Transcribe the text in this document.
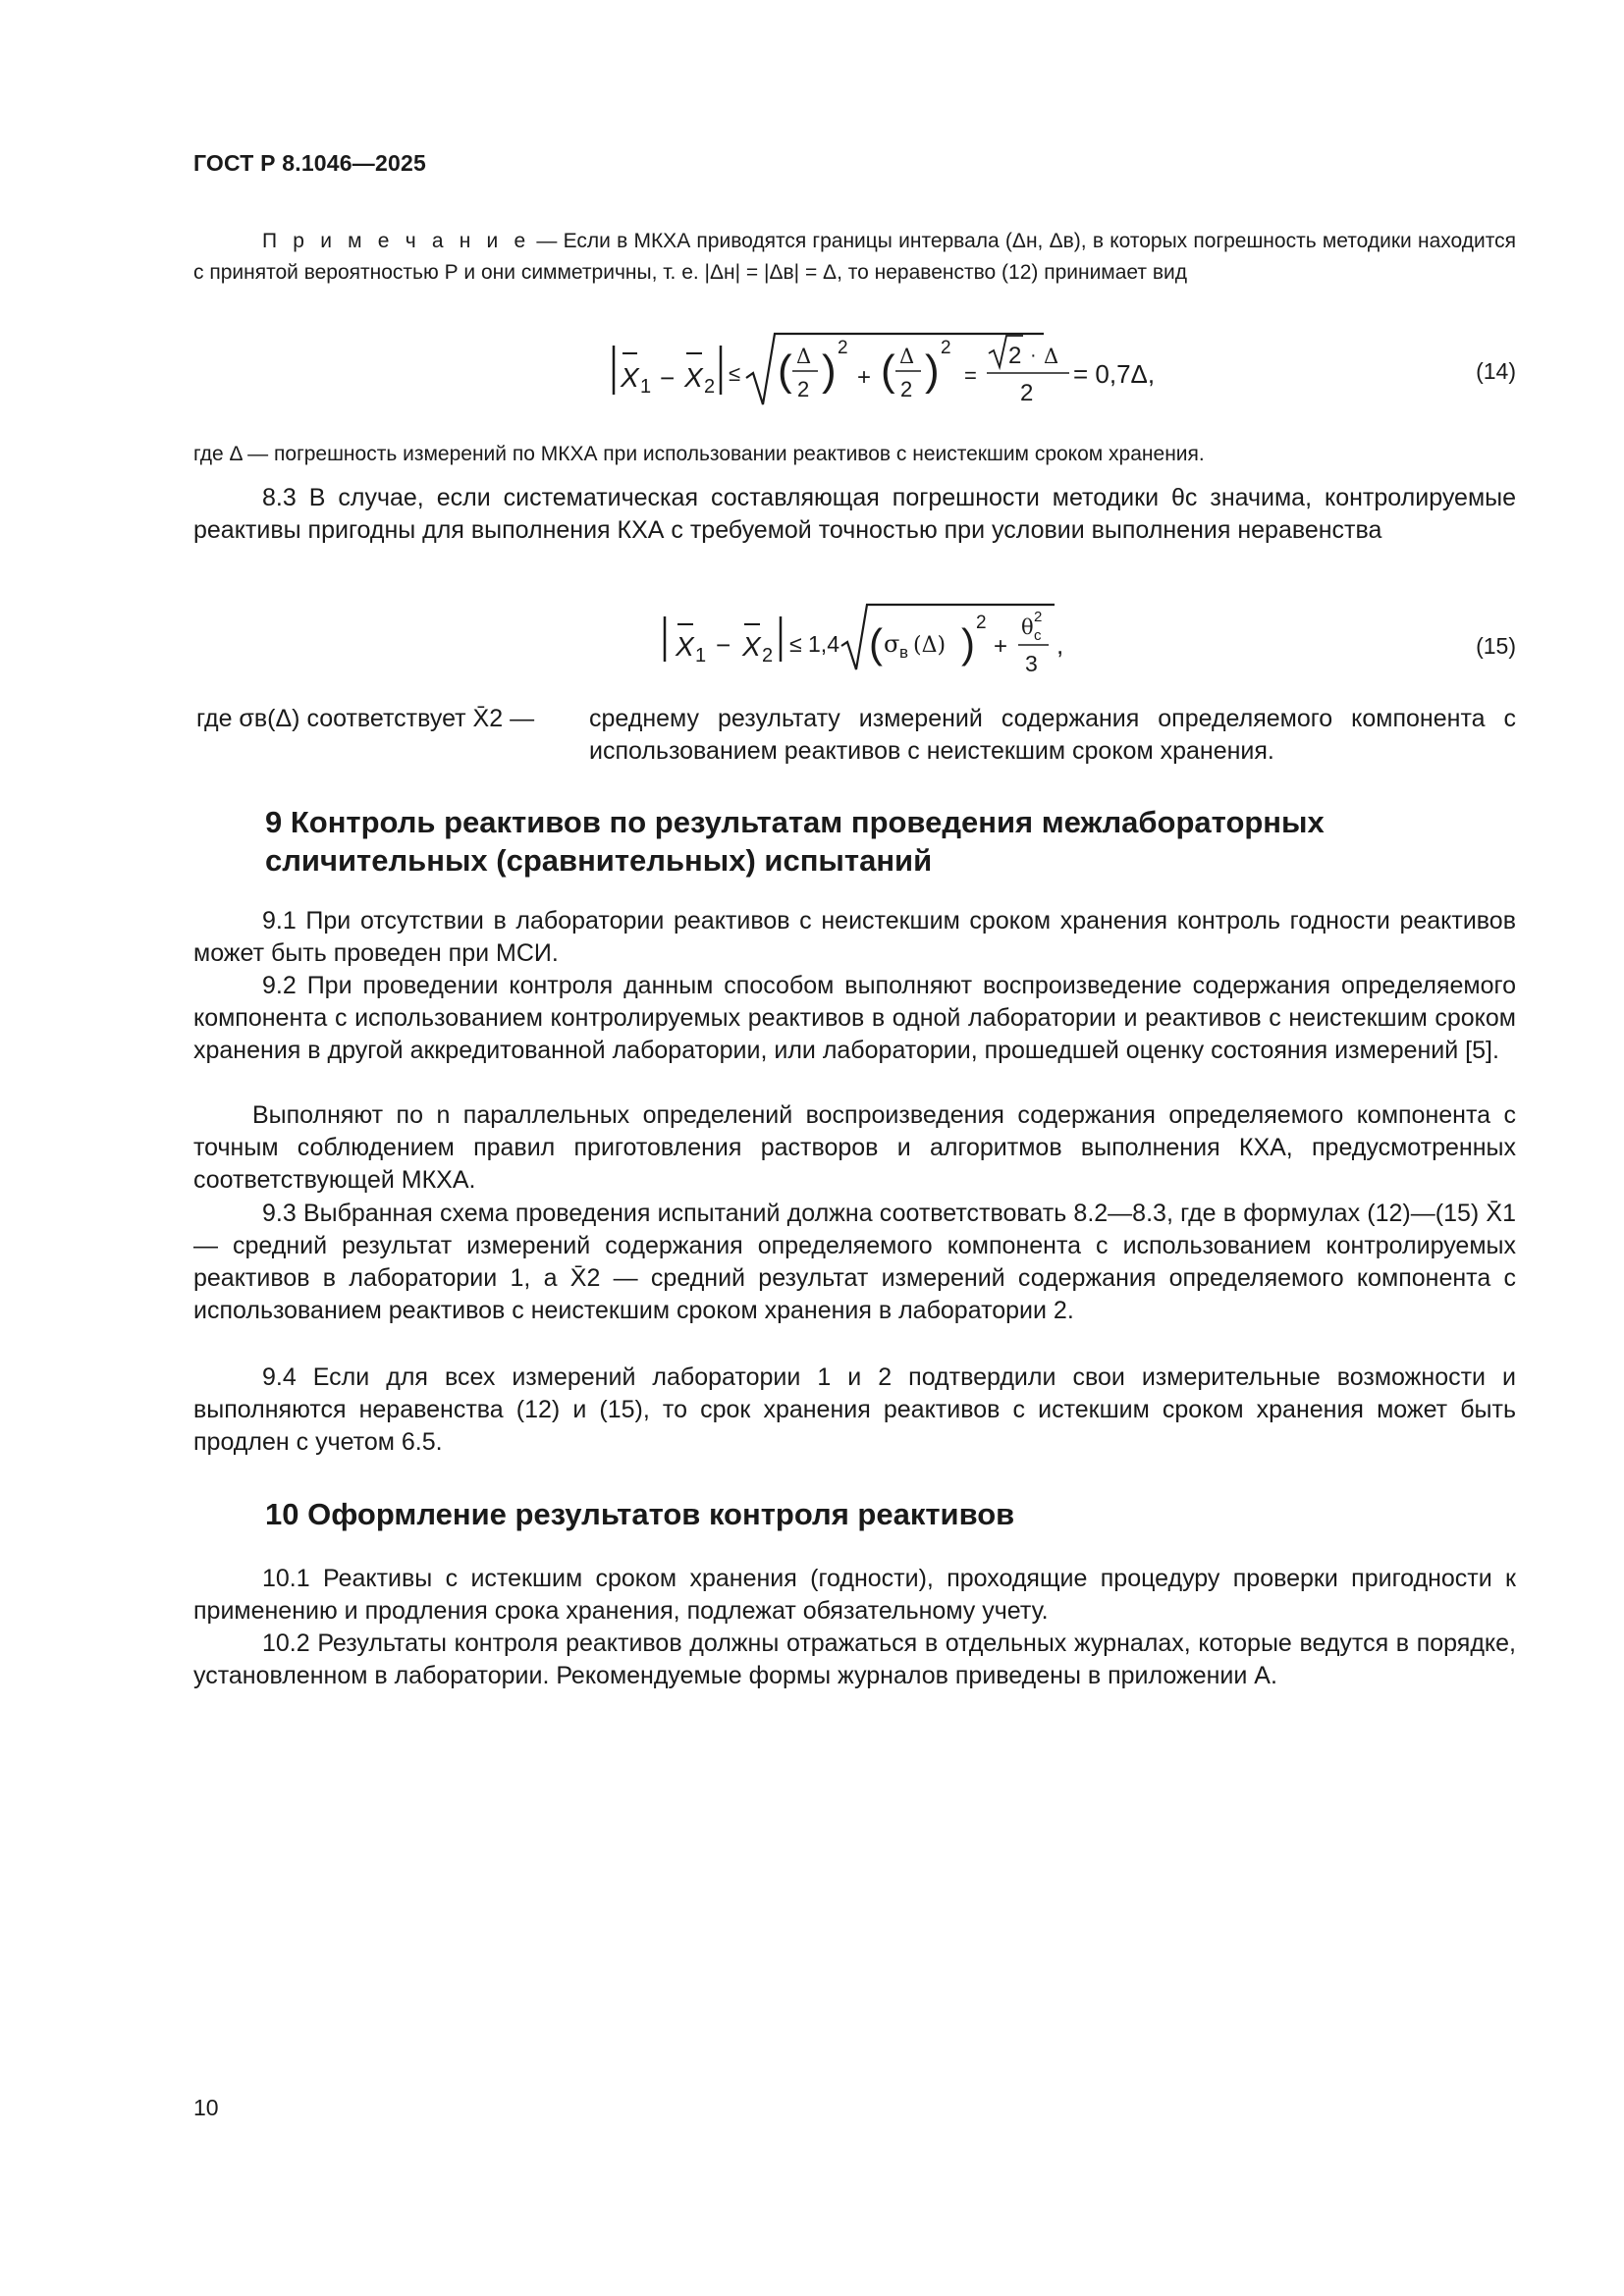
ГОСТ Р 8.1046—2025
П р и м е ч а н и е — Если в МКХА приводятся границы интервала (Δн, Δв), в которых погрешность методики находится с принятой вероятностью Р и они симметричны, т. е. |Δн| = |Δв| = Δ, то неравенство (12) принимает вид
X 1 − X 2
≤ ( Δ
2 ) 2
+ ( Δ
2 ) 2
=
2 · Δ
2
= 0,7Δ,	(14)
где Δ — погрешность измерений по МКХА при использовании реактивов с неистекшим сроком хранения.
8.3 В случае, если систематическая составляющая погрешности методики θс значима, контролируемые реактивы пригодны для выполнения КХА с требуемой точностью при условии выполнения неравенства
X 1 − X 2 ≤ 1,4 ( σ в (Δ) ) 2
+
θ 2
с
3
,	(15)
где σв(Δ) соответствует X̄2 — среднему результату измерений содержания определяемого компонента с использованием реактивов с неистекшим сроком хранения.
9 Контроль реактивов по результатам проведения межлабораторных сличительных (сравнительных) испытаний
9.1 При отсутствии в лаборатории реактивов с неистекшим сроком хранения контроль годности реактивов может быть проведен при МСИ.
9.2 При проведении контроля данным способом выполняют воспроизведение содержания определяемого компонента с использованием контролируемых реактивов в одной лаборатории и реактивов с неистекшим сроком хранения в другой аккредитованной лаборатории, или лаборатории, прошедшей оценку состояния измерений [5].
Выполняют по n параллельных определений воспроизведения содержания определяемого компонента с точным соблюдением правил приготовления растворов и алгоритмов выполнения КХА, предусмотренных соответствующей МКХА.
9.3 Выбранная схема проведения испытаний должна соответствовать 8.2—8.3, где в формулах (12)—(15) X̄1 — средний результат измерений содержания определяемого компонента с использованием контролируемых реактивов в лаборатории 1, а X̄2 — средний результат измерений содержания определяемого компонента с использованием реактивов с неистекшим сроком хранения в лаборатории 2.
9.4 Если для всех измерений лаборатории 1 и 2 подтвердили свои измерительные возможности и выполняются неравенства (12) и (15), то срок хранения реактивов с истекшим сроком хранения может быть продлен с учетом 6.5.
10 Оформление результатов контроля реактивов
10.1 Реактивы с истекшим сроком хранения (годности), проходящие процедуру проверки пригодности к применению и продления срока хранения, подлежат обязательному учету.
10.2 Результаты контроля реактивов должны отражаться в отдельных журналах, которые ведутся в порядке, установленном в лаборатории. Рекомендуемые формы журналов приведены в приложении А.
10
